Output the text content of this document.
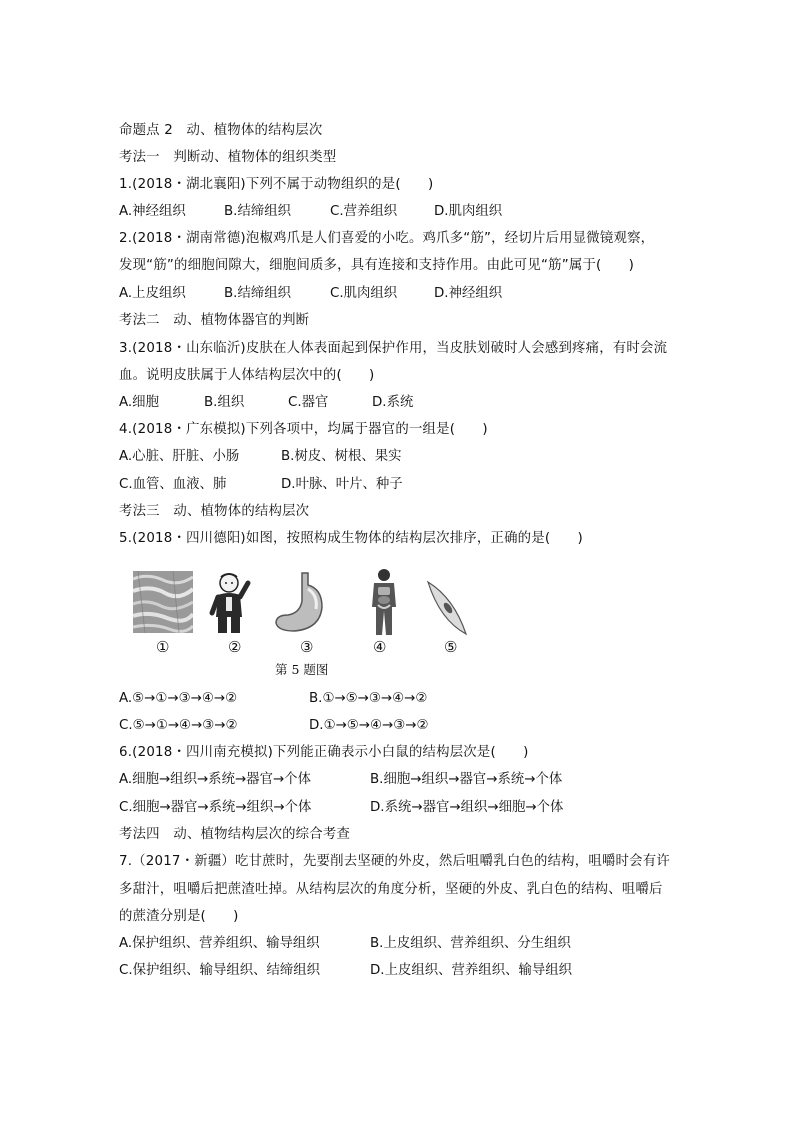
命题点 2　动、植物体的结构层次
考法一　判断动、植物体的组织类型
1.(2018・湖北襄阳)下列不属于动物组织的是(　　)
A.神经组织	B.结缔组织	C.营养组织	D.肌肉组织
2.(2018・湖南常德)泡椒鸡爪是人们喜爱的小吃。鸡爪多“筋”，经切片后用显微镜观察，
发现“筋”的细胞间隙大，细胞间质多，具有连接和支持作用。由此可见“筋”属于(　　)
A.上皮组织	B.结缔组织	C.肌肉组织	D.神经组织
考法二　动、植物体器官的判断
3.(2018・山东临沂)皮肤在人体表面起到保护作用，当皮肤划破时人会感到疼痛，有时会流
血。说明皮肤属于人体结构层次中的(　　)
A.细胞	B.组织	C.器官	D.系统
4.(2018・广东模拟)下列各项中，均属于器官的一组是(　　)
A.心脏、肝脏、小肠	B.树皮、树根、果实
C.血管、血液、肺	D.叶脉、叶片、种子
考法三　动、植物体的结构层次
5.(2018・四川德阳)如图，按照构成生物体的结构层次排序，正确的是(　　)
①	②	③	④	⑤
第 5 题图
A.⑤→①→③→④→②	B.①→⑤→③→④→②
C.⑤→①→④→③→②	D.①→⑤→④→③→②
6.(2018・四川南充模拟)下列能正确表示小白鼠的结构层次是(　　)
A.细胞→组织→系统→器官→个体	B.细胞→组织→器官→系统→个体
C.细胞→器官→系统→组织→个体	D.系统→器官→组织→细胞→个体
考法四　动、植物结构层次的综合考查
7.（2017・新疆）吃甘蔗时，先要削去坚硬的外皮，然后咀嚼乳白色的结构，咀嚼时会有许
多甜汁，咀嚼后把蔗渣吐掉。从结构层次的角度分析，坚硬的外皮、乳白色的结构、咀嚼后
的蔗渣分别是(　　)
A.保护组织、营养组织、输导组织	B.上皮组织、营养组织、分生组织
C.保护组织、输导组织、结缔组织	D.上皮组织、营养组织、输导组织
